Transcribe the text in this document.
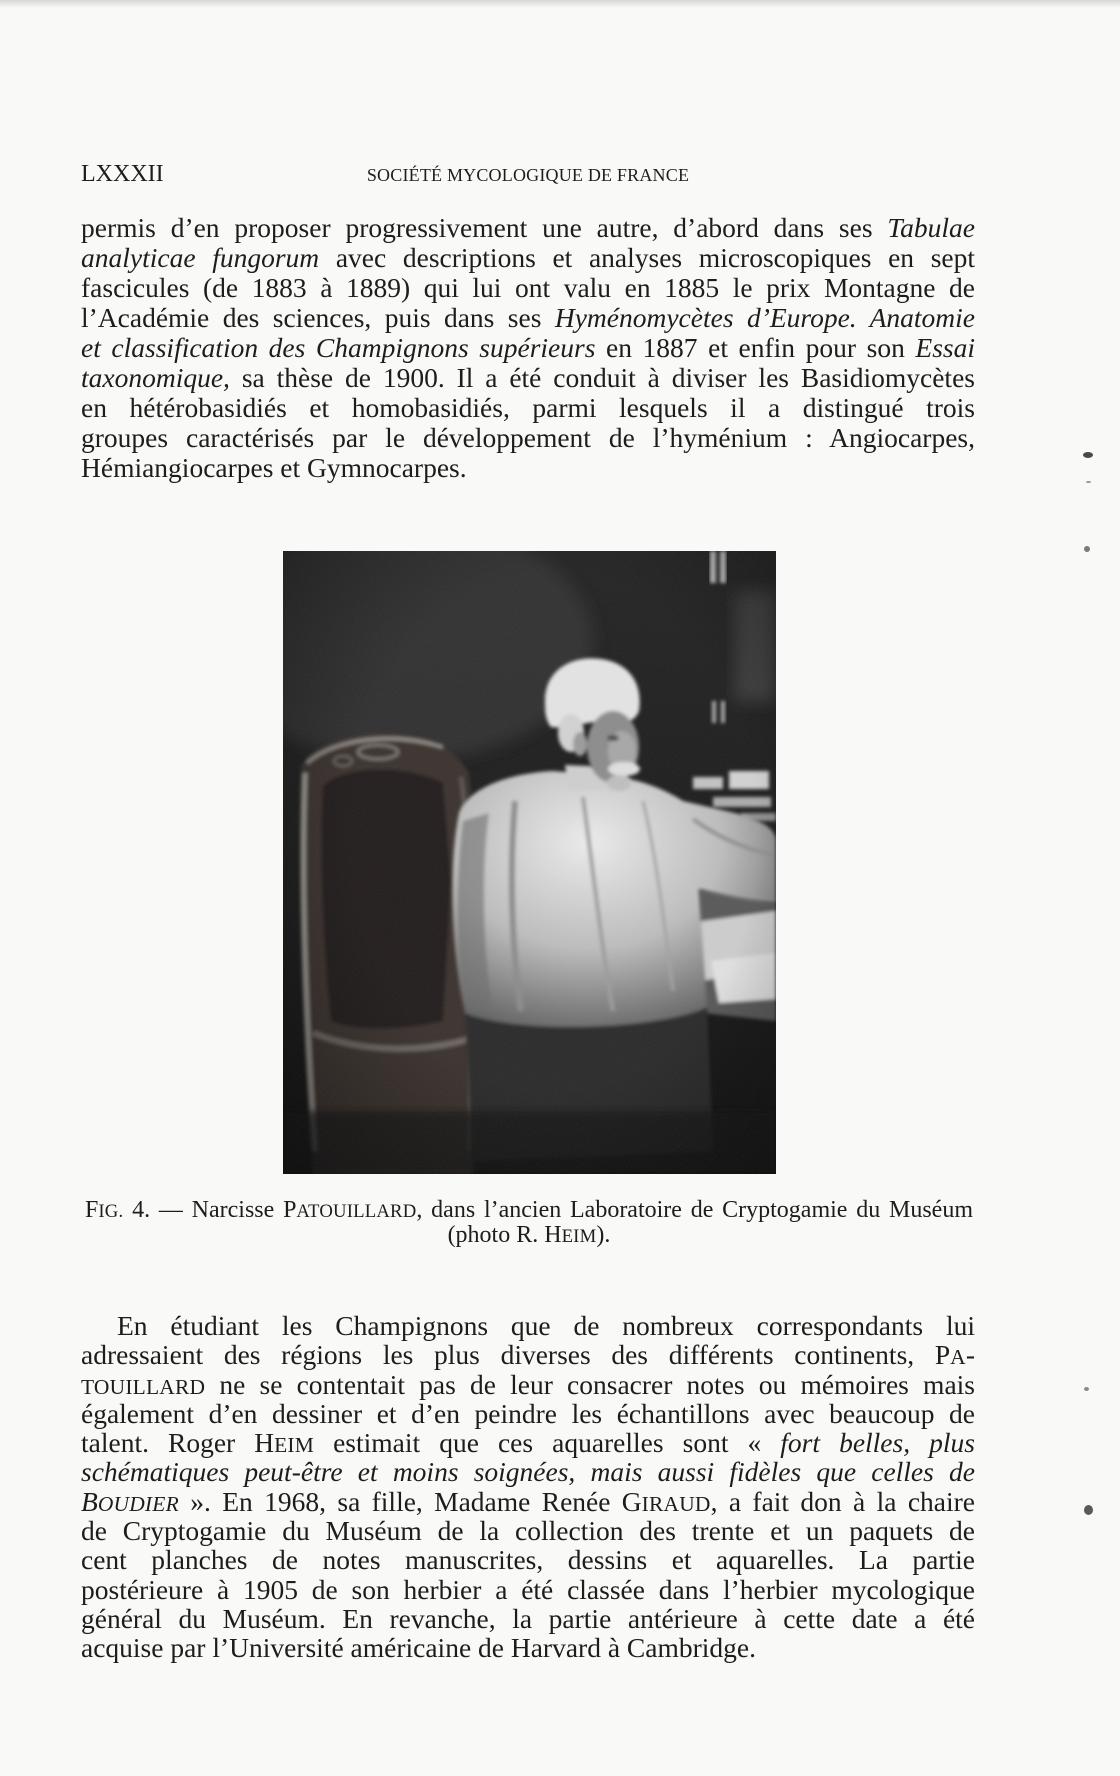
LXXXII	SOCIÉTÉ MYCOLOGIQUE DE FRANCE
permis d’en proposer progressivement une autre, d’abord dans ses Tabulae
analyticae fungorum avec descriptions et analyses microscopiques en sept
fascicules (de 1883 à 1889) qui lui ont valu en 1885 le prix Montagne de
l’Académie des sciences, puis dans ses Hyménomycètes d’Europe. Anatomie
et classification des Champignons supérieurs en 1887 et enfin pour son Essai
taxonomique, sa thèse de 1900. Il a été conduit à diviser les Basidiomycètes
en hétérobasidiés et homobasidiés, parmi lesquels il a distingué trois
groupes caractérisés par le développement de l’hyménium : Angiocarpes,
Hémiangiocarpes et Gymnocarpes.
FIG. 4. — Narcisse PATOUILLARD, dans l’ancien Laboratoire de Cryptogamie du Muséum
(photo R. HEIM).
En étudiant les Champignons que de nombreux correspondants lui
adressaient des régions les plus diverses des différents continents, PA-
TOUILLARD ne se contentait pas de leur consacrer notes ou mémoires mais
également d’en dessiner et d’en peindre les échantillons avec beaucoup de
talent. Roger HEIM estimait que ces aquarelles sont « fort belles, plus
schématiques peut-être et moins soignées, mais aussi fidèles que celles de
BOUDIER ». En 1968, sa fille, Madame Renée GIRAUD, a fait don à la chaire
de Cryptogamie du Muséum de la collection des trente et un paquets de
cent planches de notes manuscrites, dessins et aquarelles. La partie
postérieure à 1905 de son herbier a été classée dans l’herbier mycologique
général du Muséum. En revanche, la partie antérieure à cette date a été
acquise par l’Université américaine de Harvard à Cambridge.
